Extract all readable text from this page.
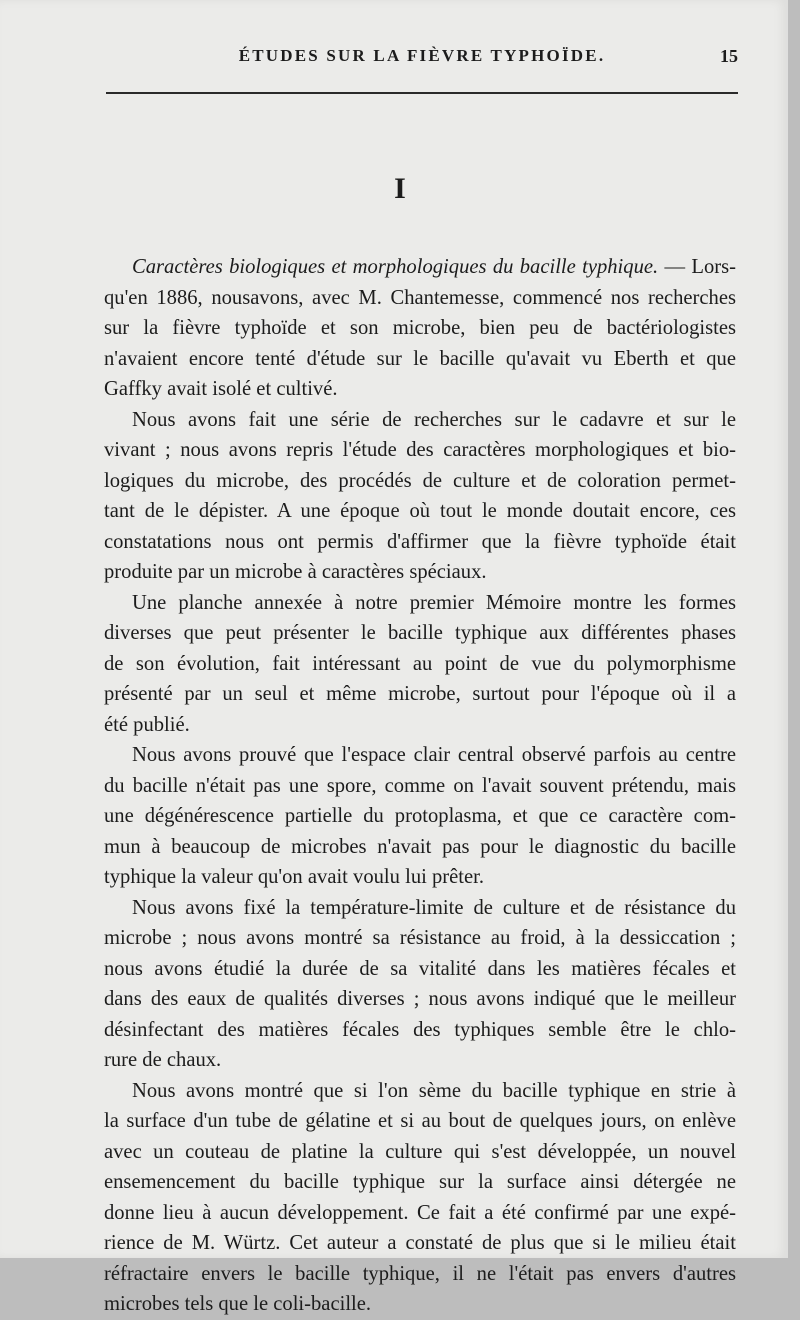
ÉTUDES SUR LA FIÈVRE TYPHOÏDE.	15
I
Caractères biologiques et morphologiques du bacille typhique. — Lors-
qu'en 1886, nousavons, avec M. Chantemesse, commencé nos recherches
sur la fièvre typhoïde et son microbe, bien peu de bactériologistes
n'avaient encore tenté d'étude sur le bacille qu'avait vu Eberth et que
Gaffky avait isolé et cultivé.
Nous avons fait une série de recherches sur le cadavre et sur le
vivant ; nous avons repris l'étude des caractères morphologiques et bio-
logiques du microbe, des procédés de culture et de coloration permet-
tant de le dépister. A une époque où tout le monde doutait encore, ces
constatations nous ont permis d'affirmer que la fièvre typhoïde était
produite par un microbe à caractères spéciaux.
Une planche annexée à notre premier Mémoire montre les formes
diverses que peut présenter le bacille typhique aux différentes phases
de son évolution, fait intéressant au point de vue du polymorphisme
présenté par un seul et même microbe, surtout pour l'époque où il a
été publié.
Nous avons prouvé que l'espace clair central observé parfois au centre
du bacille n'était pas une spore, comme on l'avait souvent prétendu, mais
une dégénérescence partielle du protoplasma, et que ce caractère com-
mun à beaucoup de microbes n'avait pas pour le diagnostic du bacille
typhique la valeur qu'on avait voulu lui prêter.
Nous avons fixé la température-limite de culture et de résistance du
microbe ; nous avons montré sa résistance au froid, à la dessiccation ;
nous avons étudié la durée de sa vitalité dans les matières fécales et
dans des eaux de qualités diverses ; nous avons indiqué que le meilleur
désinfectant des matières fécales des typhiques semble être le chlo-
rure de chaux.
Nous avons montré que si l'on sème du bacille typhique en strie à
la surface d'un tube de gélatine et si au bout de quelques jours, on enlève
avec un couteau de platine la culture qui s'est développée, un nouvel
ensemencement du bacille typhique sur la surface ainsi détergée ne
donne lieu à aucun développement. Ce fait a été confirmé par une expé-
rience de M. Würtz. Cet auteur a constaté de plus que si le milieu était
réfractaire envers le bacille typhique, il ne l'était pas envers d'autres
microbes tels que le coli-bacille.
